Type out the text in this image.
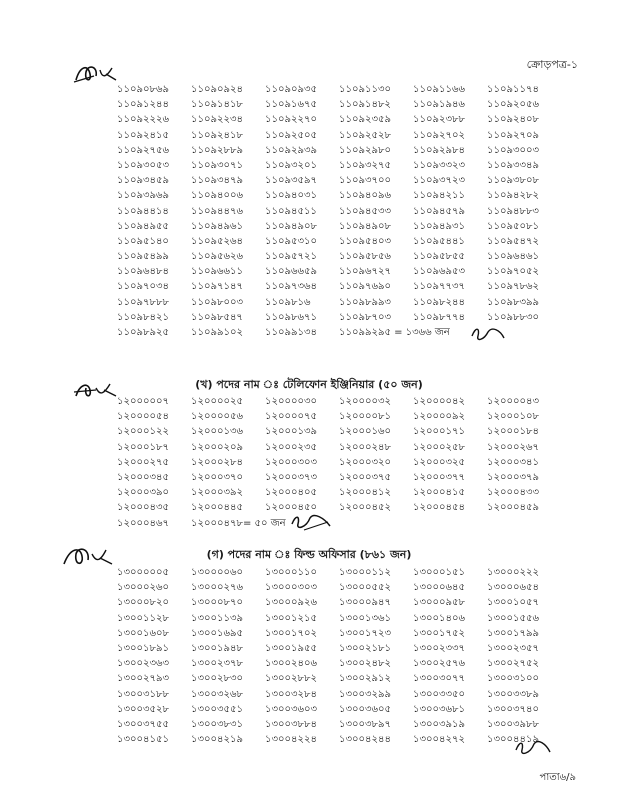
ক্রোড়পত্র-১
১১০৯০৮৬৯	১১০৯০৯২৪	১১০৯০৯৩৫	১১০৯১১৩০	১১০৯১১৬৬	১১০৯১১৭৪
১১০৯১২৪৪	১১০৯১৪১৮	১১০৯১৬৭৫	১১০৯১৪৮২	১১০৯১৯৪৬	১১০৯২০৫৬
১১০৯২২২৬	১১০৯২২৩৪	১১০৯২২৭০	১১০৯২৩৫৯	১১০৯২৩৮৮	১১০৯২৪০৮
১১০৯২৪১৫	১১০৯২৪১৮	১১০৯২৫০৫	১১০৯২৫২৮	১১০৯২৭০২	১১০৯২৭০৯
১১০৯২৭৫৬	১১০৯২৮৮৯	১১০৯২৯৩৯	১১০৯২৯৮০	১১০৯২৯৮৪	১১০৯৩০০৩
১১০৯৩০৫৩	১১০৯৩০৭১	১১০৯৩২০১	১১০৯৩২৭৫	১১০৯৩৩২৩	১১০৯৩৩৪৯
১১০৯৩৪৫৯	১১০৯৩৪৭৯	১১০৯৩৫৯৭	১১০৯৩৭০০	১১০৯৩৭২৩	১১০৯৩৮০৮
১১০৯৩৯৬৯	১১০৯৪০০৬	১১০৯৪০৩১	১১০৯৪০৯৬	১১০৯৪২১১	১১০৯৪২৮২
১১০৯৪৪১৪	১১০৯৪৪৭৬	১১০৯৪৫১১	১১০৯৪৫৩৩	১১০৯৪৫৭৯	১১০৯৪৮৮৩
১১০৯৪৯৫৫	১১০৯৪৯৬১	১১০৯৪৯০৮	১১০৯৪৯০৮	১১০৯৪৯৩১	১১০৯৫০৮১
১১০৯৫১৪০	১১০৯৫২৬৪	১১০৯৫৩১০	১১০৯৫৪০৩	১১০৯৫৪৪১	১১০৯৫৪৭২
১১০৯৫৪৯৯	১১০৯৫৬২৬	১১০৯৫৭২১	১১০৯৫৮৫৬	১১০৯৫৮৫৫	১১০৯৬৪৬১
১১০৯৬৪৮৪	১১০৯৬৬১১	১১০৯৬৬৫৯	১১০৯৬৭২৭	১১০৯৬৯৫৩	১১০৯৭০৫২
১১০৯৭০৩৪	১১০৯৭১৪৭	১১০৯৭৩৬৪	১১০৯৭৬৯০	১১০৯৭৭৩৭	১১০৯৭৮৬২
১১০৯৭৮৮৮	১১০৯৮০০৩	১১০৯৮১৬	১১০৯৮৯৯৩	১১০৯৮২৪৪	১১০৯৮৩৯৯
১১০৯৮৪২১	১১০৯৮৫৪৭	১১০৯৮৬৭১	১১০৯৮৭০৩	১১০৯৮৭৭৪	১১০৯৮৮৩০
১১০৯৮৯২৫	১১০৯৯১০২	১১০৯৯১৩৪	১১০৯৯২৯৫ = ১৩৬৬ জন
(খ) পদের নাম ঃ টেলিফোন ইঞ্জিনিয়ার (৫০ জন)
১২০০০০০৭	১২০০০০২৫	১২০০০০৩০	১২০০০০৩২	১২০০০০৪২	১২০০০০৪৩
১২০০০০৫৪	১২০০০০৫৬	১২০০০০৭৫	১২০০০০৮১	১২০০০০৯২	১২০০০১০৮
১২০০০১২২	১২০০০১৩৬	১২০০০১৩৯	১২০০০১৬০	১২০০০১৭১	১২০০০১৮৪
১২০০০১৮৭	১২০০০২০৯	১২০০০২৩৫	১২০০০২৪৮	১২০০০২৫৮	১২০০০২৬৭
১২০০০২৭৫	১২০০০২৮৪	১২০০০৩০৩	১২০০০৩২০	১২০০০৩২৫	১২০০০৩৪১
১২০০০৩৪৫	১২০০০৩৭০	১২০০০৩৭৩	১২০০০৩৭৫	১২০০০৩৭৭	১২০০০৩৭৯
১২০০০৩৯০	১২০০০৩৯২	১২০০০৪০৫	১২০০০৪১২	১২০০০৪১৫	১২০০০৪৩৩
১২০০০৪৩৫	১২০০০৪৪৫	১২০০০৪৫০	১২০০০৪৫২	১২০০০৪৫৪	১২০০০৪৫৯
১২০০০৪৬৭	১২০০০৪৭৮= ৫০ জন
(গ) পদের নাম ঃ ফিল্ড অফিসার (৮৬১ জন)
১৩০০০০০৫	১৩০০০০৬০	১৩০০০১১০	১৩০০০১১২	১৩০০০১৫১	১৩০০০২২২
১৩০০০২৬০	১৩০০০২৭৬	১৩০০০৩০৩	১৩০০০৫৫২	১৩০০০৬৪৫	১৩০০০৬৫৪
১৩০০০৮২০	১৩০০০৮৭০	১৩০০০৯২৬	১৩০০০৯৪৭	১৩০০০৯৫৮	১৩০০১০৫৭
১৩০০১১২৮	১৩০০১১৩৯	১৩০০১২১৫	১৩০০১৩৬১	১৩০০১৪০৬	১৩০০১৫৫৬
১৩০০১৬০৮	১৩০০১৬৯৫	১৩০০১৭০২	১৩০০১৭২৩	১৩০০১৭৫২	১৩০০১৭৯৯
১৩০০১৮৯১	১৩০০১৯৪৮	১৩০০১৯৫৫	১৩০০২১৮১	১৩০০২৩৩৭	১৩০০২৩৫৭
১৩০০২৩৬৩	১৩০০২৩৭৮	১৩০০২৪০৬	১৩০০২৪৮২	১৩০০২৫৭৬	১৩০০২৭৫২
১৩০০২৭৯৩	১৩০০২৮৩০	১৩০০২৮৮২	১৩০০২৯১২	১৩০০৩০৭৭	১৩০০৩১০০
১৩০০৩১৮৮	১৩০০৩২৬৮	১৩০০৩২৮৪	১৩০০৩২৯৯	১৩০০৩৩৫০	১৩০০৩৩৮৯
১৩০০৩৫২৮	১৩০০৩৫৫১	১৩০০৩৬০৩	১৩০০৩৬০৫	১৩০০৩৬৮১	১৩০০৩৭৪০
১৩০০৩৭৫৫	১৩০০৩৮৩১	১৩০০৩৮৮৪	১৩০০৩৮৯৭	১৩০০৩৯১৯	১৩০০৩৯৮৮
১৩০০৪১৫১	১৩০০৪২১৯	১৩০০৪২২৪	১৩০০৪২৪৪	১৩০০৪২৭২	১৩০০৪৪১৯
পাতা৬/৯
